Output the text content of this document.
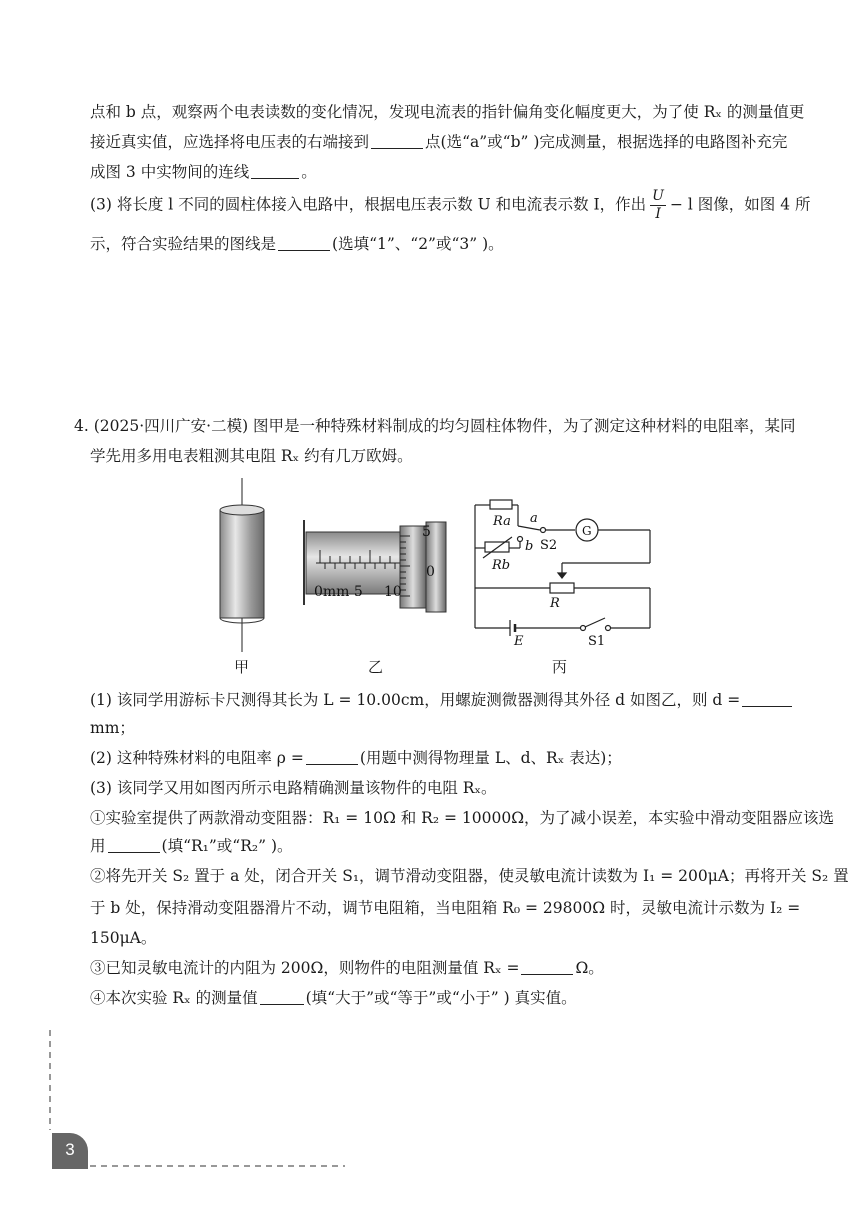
点和 b 点，观察两个电表读数的变化情况，发现电流表的指针偏角变化幅度更大，为了使 Rₓ 的测量值更
接近真实值，应选择将电压表的右端接到	点(选“a”或“b” )完成测量，根据选择的电路图补充完
成图 3 中实物间的连线	。
(3) 将长度 l 不同的圆柱体接入电路中，根据电压表示数 U 和电流表示数 I，作出 $\frac{U}{I} - l$ 图像，如图 4 所
示，符合实验结果的图线是	(选填“1”、“2”或“3” )。
4. (2025·四川广安·二模) 图甲是一种特殊材料制成的均匀圆柱体物件，为了测定这种材料的电阻率，某同
学先用多用电表粗测其电阻 Rₓ 约有几万欧姆。
0mm 5
5
0
10
Ra
Rb
a
b
R
E
S2
G
S1
甲	乙	丙
(1) 该同学用游标卡尺测得其长为 L = 10.00cm，用螺旋测微器测得其外径 d 如图乙，则 d =
mm；
(2) 这种特殊材料的电阻率 ρ =	(用题中测得物理量 L、d、Rₓ 表达)；
(3) 该同学又用如图丙所示电路精确测量该物件的电阻 Rₓ。
①实验室提供了两款滑动变阻器：R₁ = 10Ω 和 R₂ = 10000Ω，为了减小误差，本实验中滑动变阻器应该选
用	(填“R₁”或“R₂” )。
②将先开关 S₂ 置于 a 处，闭合开关 S₁，调节滑动变阻器，使灵敏电流计读数为 I₁ = 200μA；再将开关 S₂ 置
于 b 处，保持滑动变阻器滑片不动，调节电阻箱，当电阻箱 R₀ = 29800Ω 时，灵敏电流计示数为 I₂ =
150μA。
③已知灵敏电流计的内阻为 200Ω，则物件的电阻测量值 Rₓ =	Ω。
④本次实验 Rₓ 的测量值	(填“大于”或“等于”或“小于” ) 真实值。
3
